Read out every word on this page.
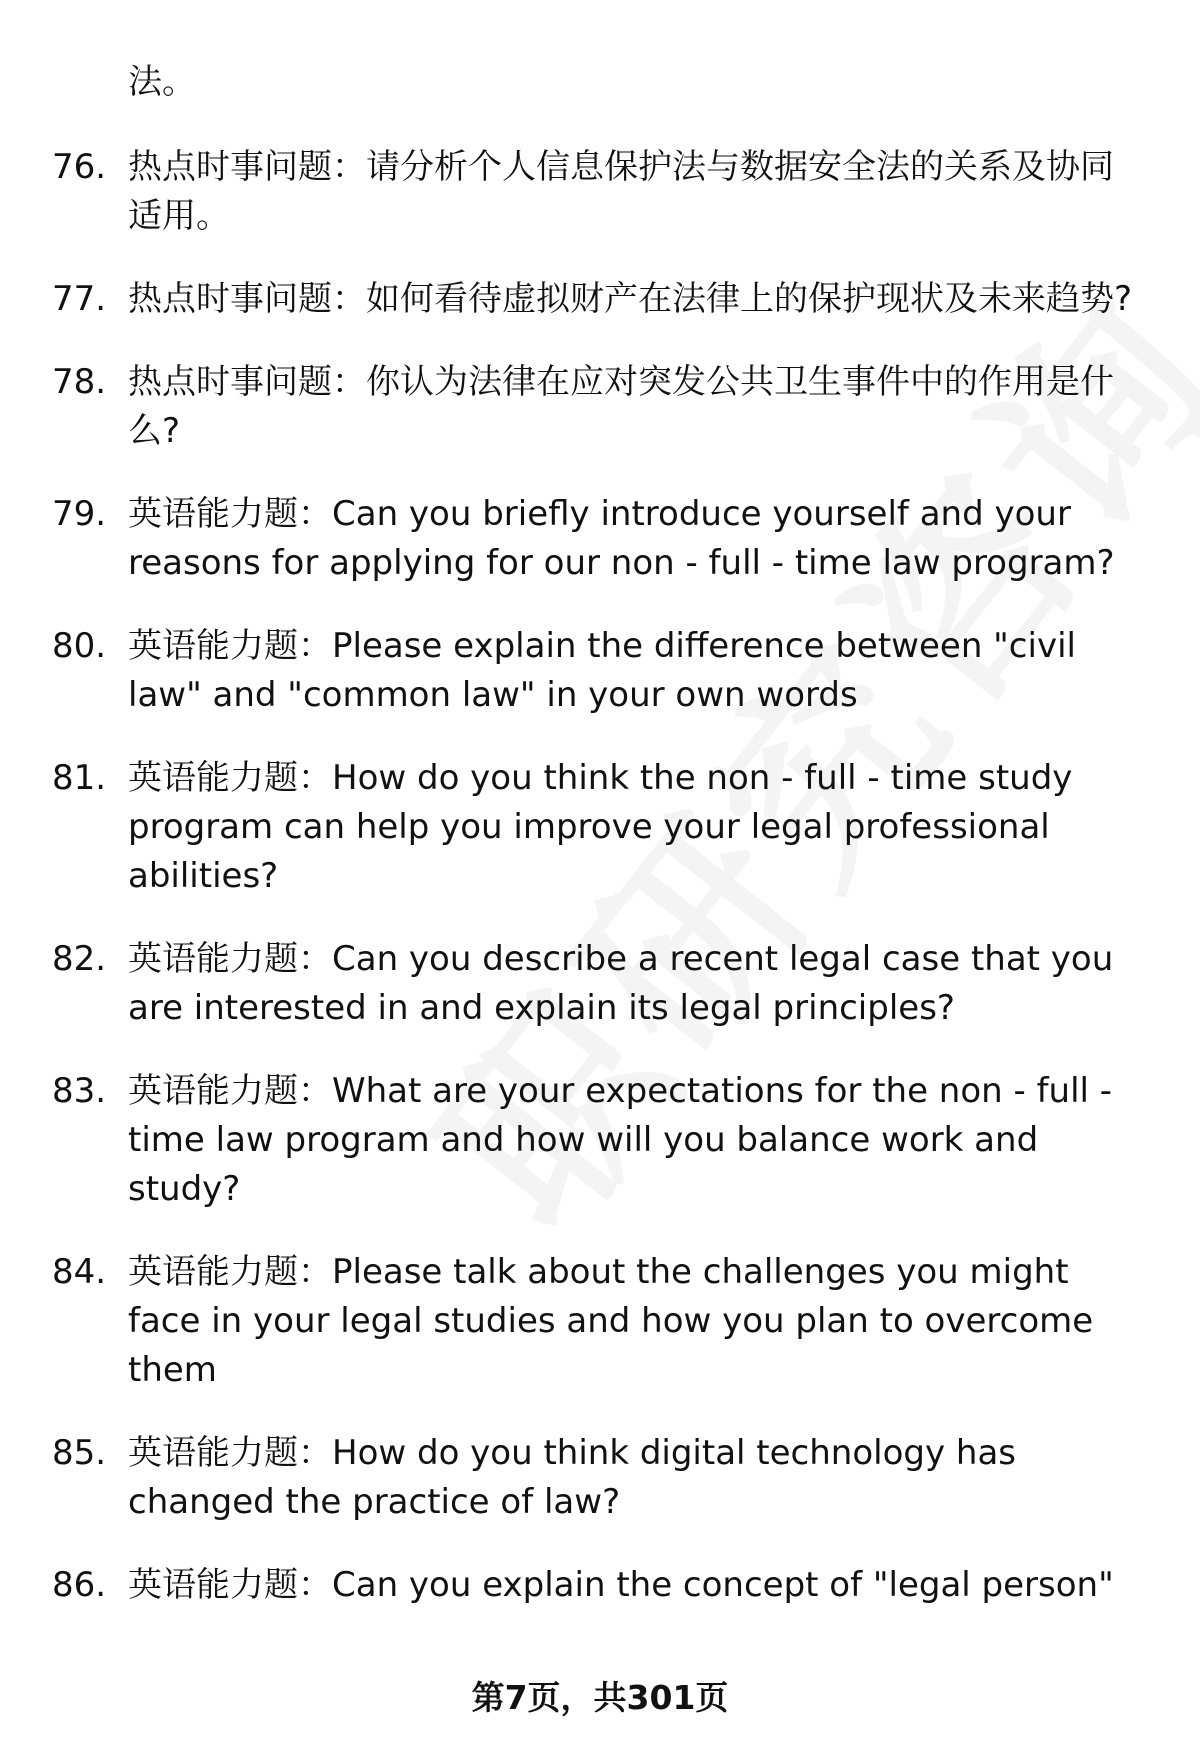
法。
76. 热点时事问题：请分析个人信息保护法与数据安全法的关系及协同适用。
77. 热点时事问题：如何看待虚拟财产在法律上的保护现状及未来趋势?
78. 热点时事问题：你认为法律在应对突发公共卫生事件中的作用是什么?
79. 英语能力题：Can you briefly introduce yourself and your reasons for applying for our non - full - time law program?
80. 英语能力题：Please explain the difference between "civil law" and "common law" in your own words
81. 英语能力题：How do you think the non - full - time study program can help you improve your legal professional abilities?
82. 英语能力题：Can you describe a recent legal case that you are interested in and explain its legal principles?
83. 英语能力题：What are your expectations for the non - full - time law program and how will you balance work and study?
84. 英语能力题：Please talk about the challenges you might face in your legal studies and how you plan to overcome them
85. 英语能力题：How do you think digital technology has changed the practice of law?
86. 英语能力题：Can you explain the concept of "legal person"
第7页，共301页
